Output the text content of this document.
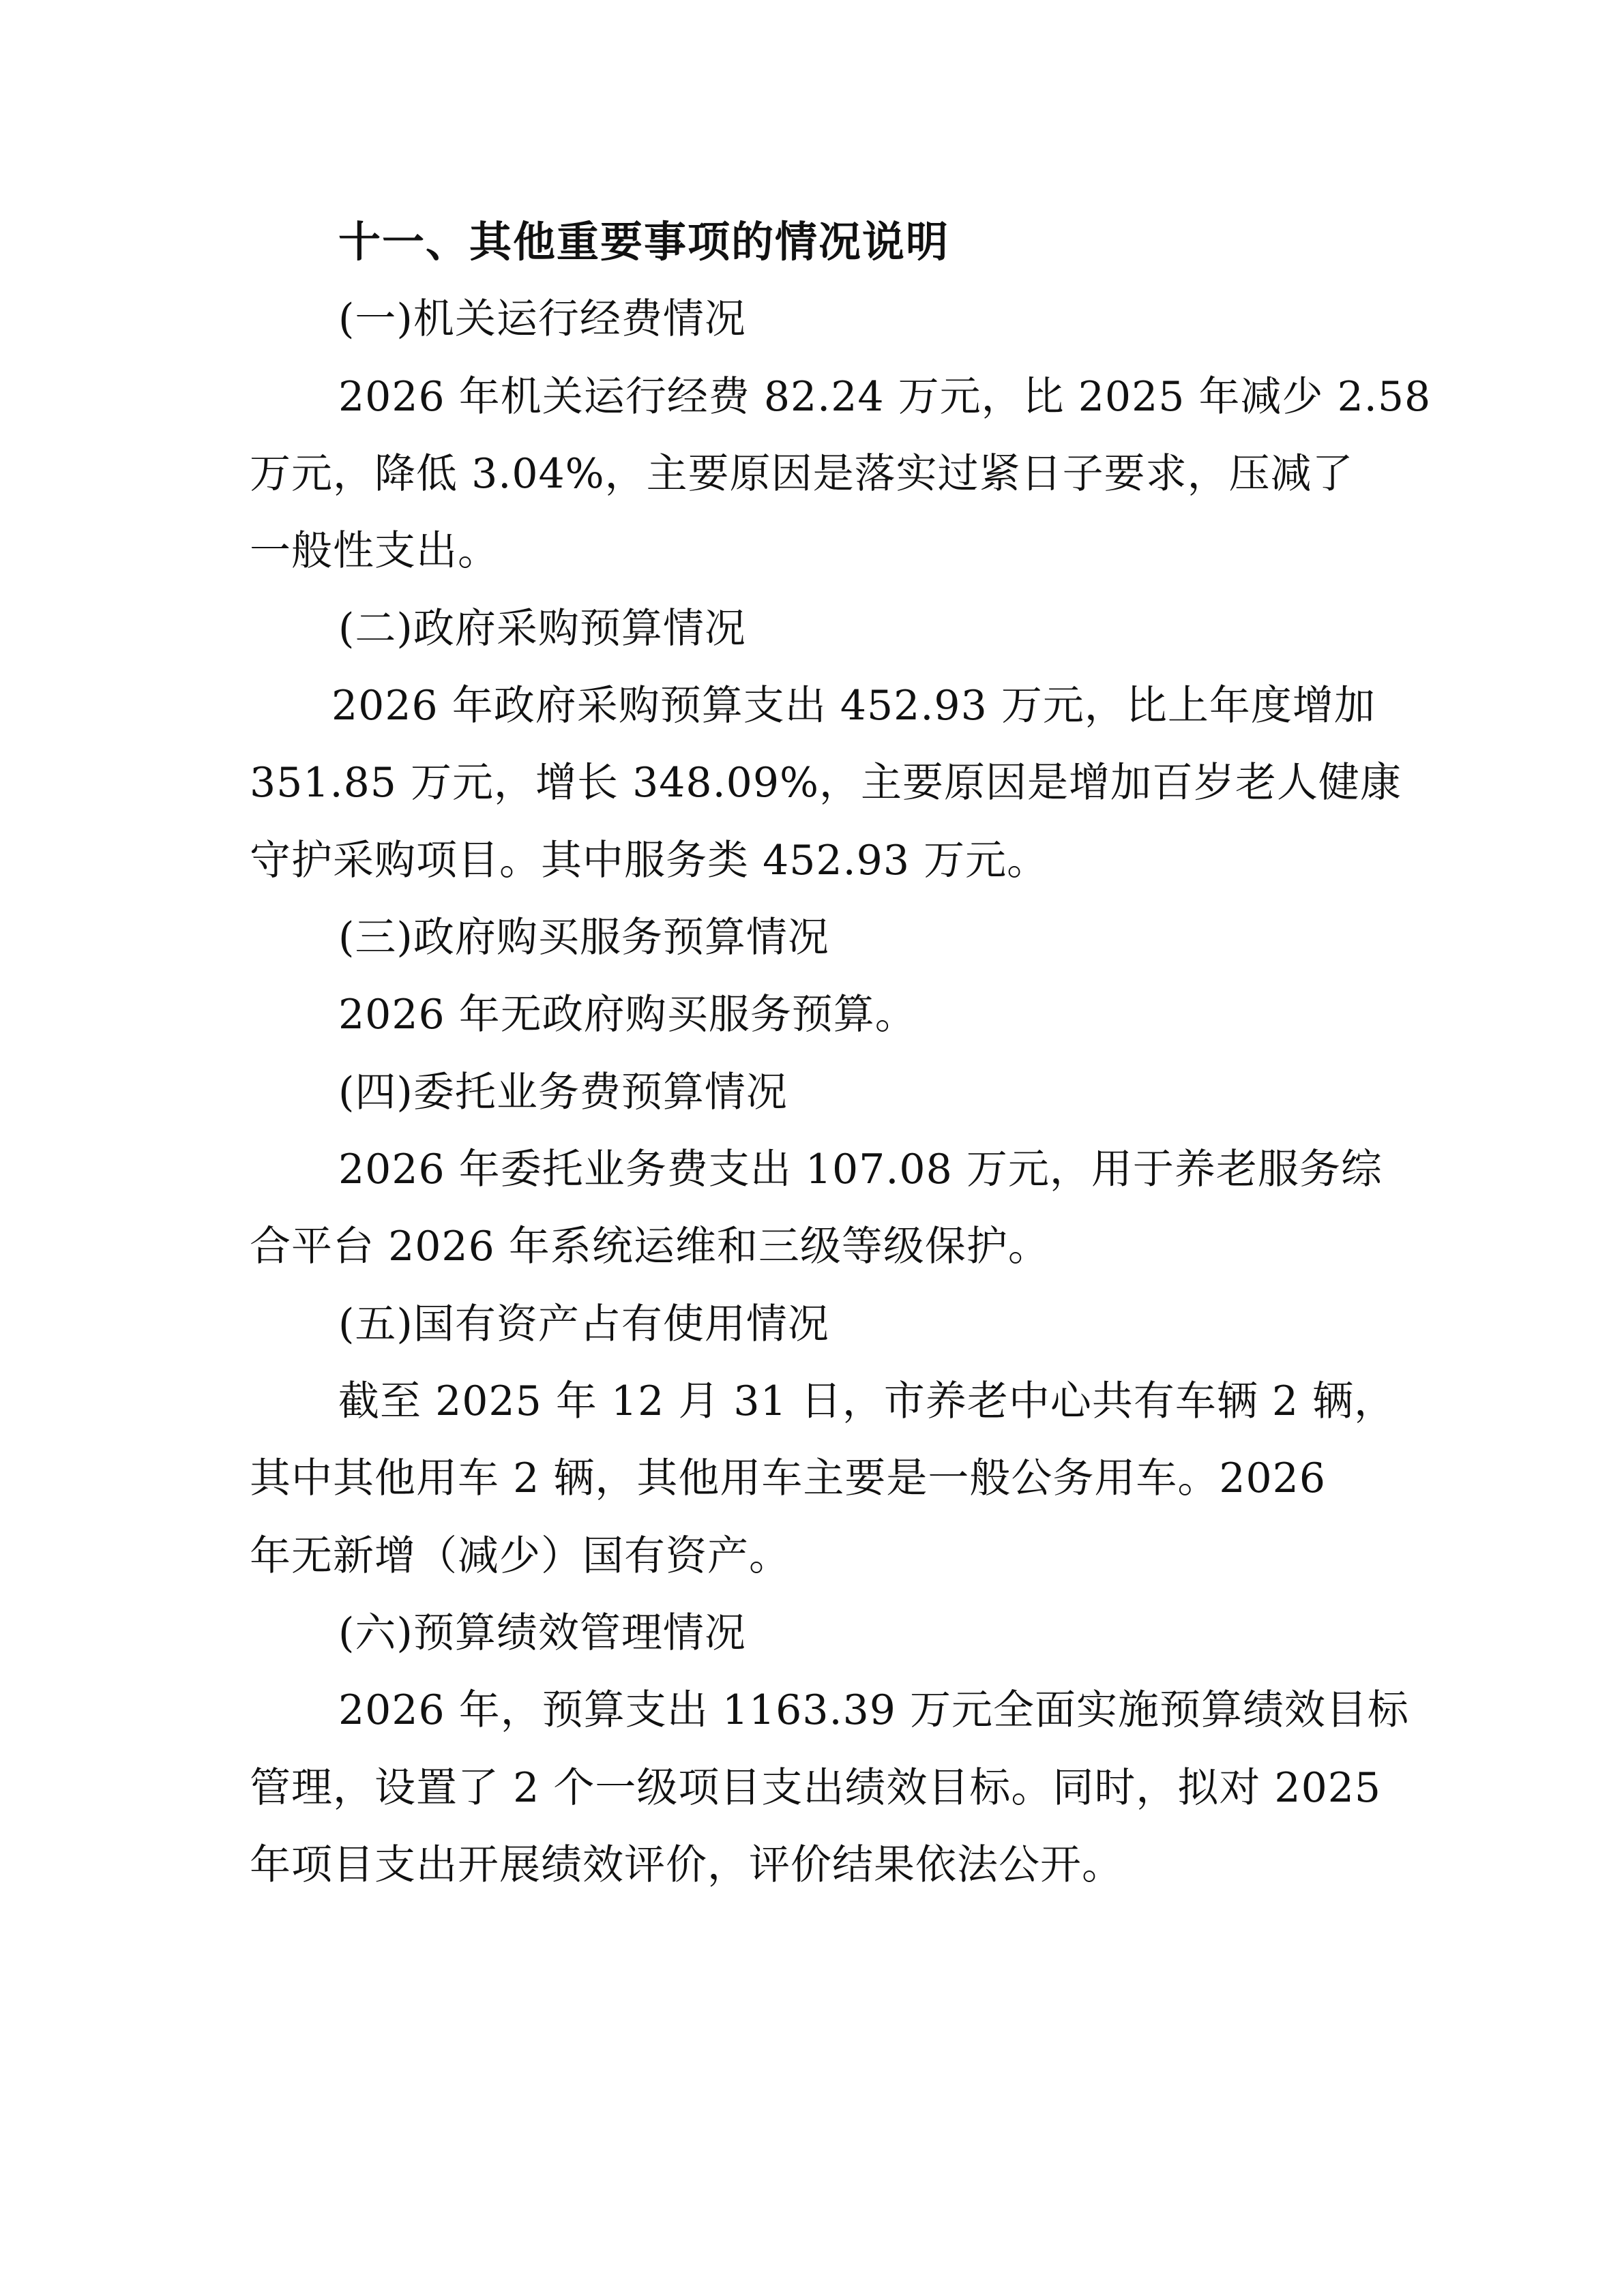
十一、其他重要事项的情况说明
(一)机关运行经费情况
2026 年机关运行经费 82.24 万元，比 2025 年减少 2.58
万元，降低 3.04%，主要原因是落实过紧日子要求，压减了
一般性支出。
(二)政府采购预算情况
2026 年政府采购预算支出 452.93 万元，比上年度增加
351.85 万元，增长 348.09%，主要原因是增加百岁老人健康
守护采购项目。其中服务类 452.93 万元。
(三)政府购买服务预算情况
2026 年无政府购买服务预算。
(四)委托业务费预算情况
2026 年委托业务费支出 107.08 万元，用于养老服务综
合平台 2026 年系统运维和三级等级保护。
(五)国有资产占有使用情况
截至 2025 年 12 月 31 日，市养老中心共有车辆 2 辆，
其中其他用车 2 辆，其他用车主要是一般公务用车。2026
年无新增（减少）国有资产。
(六)预算绩效管理情况
2026 年，预算支出 1163.39 万元全面实施预算绩效目标
管理，设置了 2 个一级项目支出绩效目标。同时，拟对 2025
年项目支出开展绩效评价，评价结果依法公开。
